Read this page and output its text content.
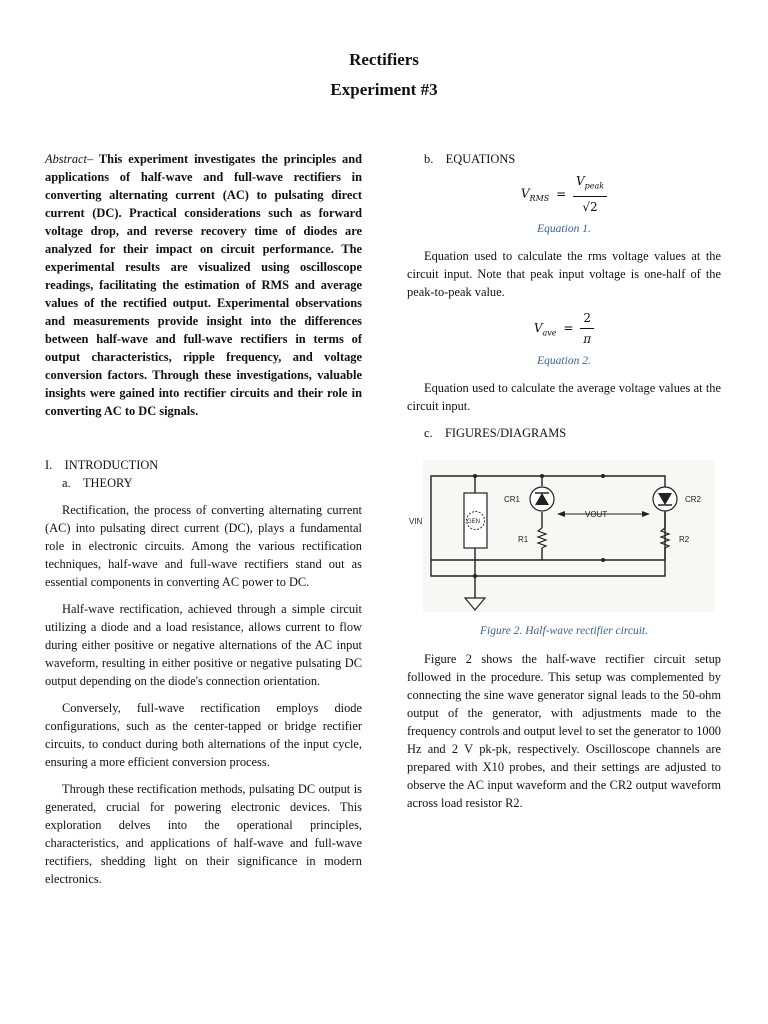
Rectifiers
Experiment #3

Abstract– This experiment investigates the principles and applications of half-wave and full-wave rectifiers in converting alternating current (AC) to pulsating direct current (DC). Practical considerations such as forward voltage drop, and reverse recovery time of diodes are analyzed for their impact on circuit performance. The experimental results are visualized using oscilloscope readings, facilitating the estimation of RMS and average values of the rectified output. Experimental observations and measurements provide insight into the differences between half-wave and full-wave rectifiers in terms of output characteristics, ripple frequency, and voltage conversion factors. Through these investigations, valuable insights were gained into rectifier circuits and their role in converting AC to DC signals.

I. INTRODUCTION
a. THEORY

Rectification, the process of converting alternating current (AC) into pulsating direct current (DC), plays a fundamental role in electronic circuits. Among the various rectification techniques, half-wave and full-wave rectifiers stand out as essential components in converting AC power to DC.

Half-wave rectification, achieved through a simple circuit utilizing a diode and a load resistance, allows current to flow during either positive or negative alternations of the AC input waveform, resulting in either positive or negative pulsating DC output depending on the diode's connection orientation.

Conversely, full-wave rectification employs diode configurations, such as the center-tapped or bridge rectifier circuits, to conduct during both alternations of the input cycle, ensuring a more efficient conversion process.

Through these rectification methods, pulsating DC output is generated, crucial for powering electronic devices. This exploration delves into the operational principles, characteristics, and applications of half-wave and full-wave rectifiers, shedding light on their significance in modern electronics.

b. EQUATIONS
$V_{RMS} = \frac{V_{peak}}{√2}$
Equation 1.

Equation used to calculate the rms voltage values at the circuit input. Note that peak input voltage is one-half of the peak-to-peak value.

$V_{ave} = \frac{2}{\pi}$
Equation 2.

Equation used to calculate the average voltage values at the circuit input.

c. FIGURES/DIAGRAMS
VIN	GEN
CR1	CR2
VOUT
R1	R2
Figure 2. Half-wave rectifier circuit.

Figure 2 shows the half-wave rectifier circuit setup followed in the procedure. This setup was complemented by connecting the sine wave generator signal leads to the 50-ohm output of the generator, with adjustments made to the frequency controls and output level to set the generator to 1000 Hz and 2 V pk-pk, respectively. Oscilloscope channels are prepared with X10 probes, and their settings are adjusted to observe the AC input waveform and the CR2 output waveform across load resistor R2.
